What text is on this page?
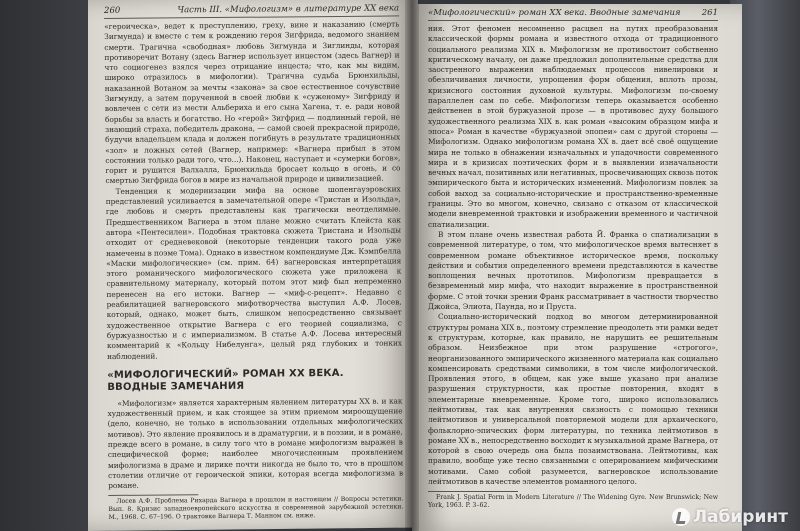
260	Часть III. «Мифологизм» в литературе XX века

«героическа», ведет к преступлению, греху, вине и наказанию (смерть Зигмунда) и вместе с тем к рождению героя Зигфрида, ведомого знанием смерти. Трагична «свободная» любовь Зигмунда и Зиглинды, которая противоречит Вотану (здесь Вагнер использует инцестом (здесь Вагнер) и что социогенез взялся через отрицание инцеста; что, как мы видим, широко отразилось в мифологии). Трагична судьба Брюнхильды, наказанной Вотаном за мечты «закона» за свое естественное сочувствие Зигмунду, а затем порученной в своей любви к «суженому» Зигфриду и вовлечен с сети из мести Альбериха и его сына Хагена, т. е. ради новой борьбы за власть и богатство. Но «герой» Зигфрид — подлинный герой, не знающий страха, победитель дракона, — самой своей прекрасной природе, будучи владельцем клада и должен погибнуть в результате традиционных «зол» и ложных сетей (Вагнер, например: «Вагнера прибыл в этом состоянии только ради того, что...). Наконец, наступает и «сумерки богов», горит и рушится Валхалла, Брюнхильда бросает кольцо в огонь, и со смертью Зигфрида богов в мире из начальной природе и цивилизацией.

Тенденция к модернизации мифа на основе шопенгауэровских представлений усиливается в замечательной опере «Тристан и Изольда», где любовь и смерть представлены как трагически неотделимые. Предшественником Вагнера в этом плане можно считать Клейста как автора «Пентесилеи». Подобная трактовка сюжета Тристана и Изольды отходит от средневековой (некоторые тенденции такого рода уже намечены в поэме Тома). Однако в известном компендиуме Дж. Кэмпбелла «Маски мифологические» (см. прим. 64) вагнеровская интерпретация этого романического мифологического сюжета уже приложена к сравнительному материалу, который потом этот миф был непременно перенесен на его истоки. Вагнер — «миф-с-рецепт». Недавно с реабилитацией вагнеровского мифотворчества выступил А.Ф. Лосев, который, однако, может быть, слишком непосредственно связывает художественное открытие Вагнера с его теорией социализма, с буржуазностью и с империализмом. В статье А.Ф. Лосева интересный комментарий к «Кольцу Нибелунга», целый ряд глубоких и тонких наблюдений.

«МИФОЛОГИЧЕСКИЙ» РОМАН XX ВЕКА. ВВОДНЫЕ ЗАМЕЧАНИЯ

«Мифологизм» является характерным явлением литературы XX в. и как художественный прием, и как стоящее за этим приемом мироощущение (дело, конечно, не только в использовании отдельных мифологических мотивов). Это явление проявилось и в драматургии, и в поэзии, и в романе, прежде всего в романе, в силу того что в романе мифологизм выражен в специфической форме; наиболее многочисленным проявлением мифологизма в драме и лирике почти никогда не было то, что в прошлом столетии отличие от героической эпики, которая всегда мифологизма в романе.

Лосев А.Ф. Проблема Рихарда Вагнера в прошлом и настоящем // Вопросы эстетики. Вып. 8. Кризис западноевропейского искусства и современной зарубежной эстетики. М., 1968. С. 67–196. О трактовке Вагнера Т. Манном см. ниже.

«Мифологический» роман XX века. Вводные замечания 261

ния. Этот феномен несомненно расцвел на путях преобразования классической формы романа и известного отхода от традиционного социального реализма XIX в. Мифологизм не противостоит собственно критическому началу, он даже предложил дополнительные средства для заостренного выражения наблюдаемых процессов нивелировки и обезличивания личности, упрощения форм общения, вплоть прозы, кризисного состояния духовной культуры. Мифологизм по-своему параллелен сам по себе. Мифологизм теперь оказывается особенно действенен в этой буржуазной прозе — в противовес духу большого художественного реализма XIX в. как роман «высоким образцом мифа и эпоса» Роман в качестве «буржуазной эпопеи» сам с другой стороны — Мифологизм. Однако мифологизм романа XX в. дает всё своё ощущение мира не только в обнажении изначальных и упадочности современного мира и в кризисах поэтических форм и в выявлении изначальности вечных начал, позитивных или негативных, просвечивающих сквозь поток эмпирического быта и исторических изменений. Мифологизм повлек за собой выход за социально-исторические и пространственно-временные границы. Это во многом, конечно, связано с отказом от классической модели вневременной трактовки и изображении временного и частичной спатиализации.

В этом плане очень известная работа Й. Франка о спатиализации в современной литературе, о том, что мифологическое время вытесняет в современном романе объективное историческое время, поскольку действия и события определенного времени представляются в качестве воплощения вечных прототипов. Мифологизм превращается в безвременный мир мифа, что находит выражение в пространственной форме. С этой точки зрения Франк рассматривает в частности творчество Джойса, Элиота, Паунда, но и Пруста.

Социально-исторический подход во многом детерминированной структуры романа XIX в., поэтому стремление преодолеть эти рамки ведет к структурам, которые, как правило, не нарушить ее решительным образом. Неизбежное при этом разрушение «строгого», неорганизованного эмпирического жизненного материала как социально компенсировать средствами символики, в том числе мифологической. Проявления этого, в общем, как уже выше указано при анализе разрушения структурности, как простые повторения, входят в элементарные вневременные. Кроме того, широко использовались лейтмотивы, так как внутренняя связность с помощью техники лейтмотивов и универсальной повторяемой модели для архаического, фольклорно-эпических форм литературы, по техника лейтмотивов в романе XX в., непосредственно восходит к музыкальной драме Вагнера, от которой в свою очередь она была позаимствована. Лейтмотивы, как правило, вообще уже тесно связанными с оперированием мифическими мотивами. Само собой разумеется, вагнеровское использование лейтмотивов в качестве элементов романного целого.

Frank J. Spatial Form in Modern Literature // The Widening Gyre. New Brunswick; New York, 1963. P. 3–62.

Лабиринт
